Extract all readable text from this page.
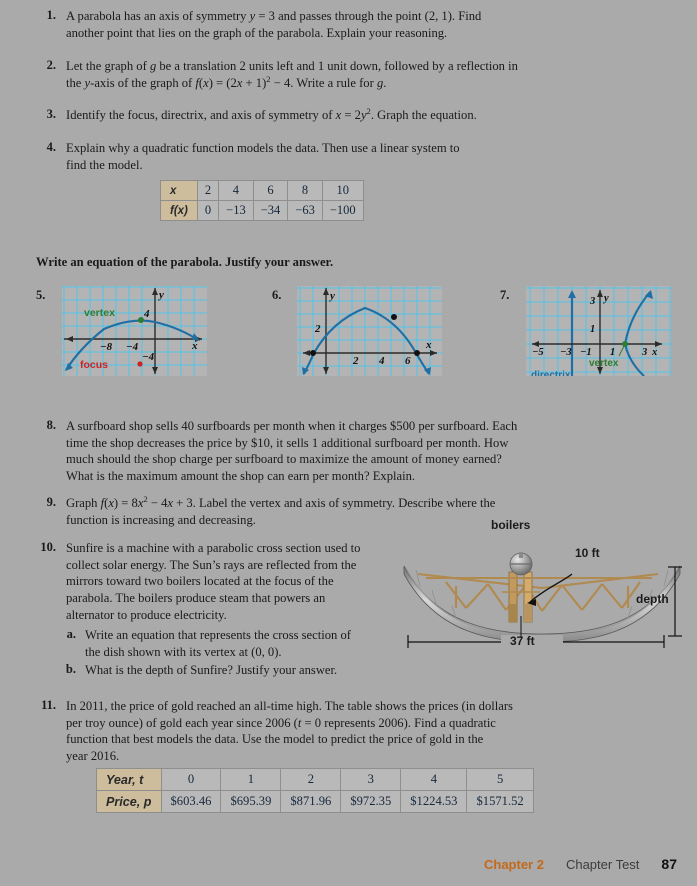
1. A parabola has an axis of symmetry y = 3 and passes through the point (2, 1). Find
another point that lies on the graph of the parabola. Explain your reasoning.
2. Let the graph of g be a translation 2 units left and 1 unit down, followed by a reflection in
the y-axis of the graph of $f(x) = (2x + 1)^2 - 4$. Write a rule for g.
3. Identify the focus, directrix, and axis of symmetry of $x = 2y^2$. Graph the equation.
4. Explain why a quadratic function models the data. Then use a linear system to
find the model.
x	2	4	6	8	10
f(x)	0	−13	−34	−63	−100
Write an equation of the parabola. Justify your answer.
5.
−8 −4
4
−4
x
y
vertex
focus
6.
2 4 6
2
x
y	7.
−5 −3 −1 1	3
3
1
x
y
vertex
directrix
8. A surfboard shop sells 40 surfboards per month when it charges $500 per surfboard. Each
time the shop decreases the price by $10, it sells 1 additional surfboard per month. How
much should the shop charge per surfboard to maximize the amount of money earned?
What is the maximum amount the shop can earn per month? Explain.
9. Graph $f(x) = 8x^2 - 4x + 3$. Label the vertex and axis of symmetry. Describe where the
function is increasing and decreasing.
10. Sunfire is a machine with a parabolic cross section used to
collect solar energy. The Sun’s rays are reflected from the
mirrors toward two boilers located at the focus of the
parabola. The boilers produce steam that powers an
alternator to produce electricity.
a. Write an equation that represents the cross section of
the dish shown with its vertex at (0, 0).
b. What is the depth of Sunfire? Justify your answer.
boilers
10 ft
depth
37 ft
11. In 2011, the price of gold reached an all-time high. The table shows the prices (in dollars
per troy ounce) of gold each year since 2006 (t = 0 represents 2006). Find a quadratic
function that best models the data. Use the model to predict the price of gold in the
year 2016.
Year, t	0	1	2	3	4	5
Price, p	$603.46	$695.39	$871.96	$972.35	$1224.53	$1571.52
Chapter 2 Chapter Test 87
